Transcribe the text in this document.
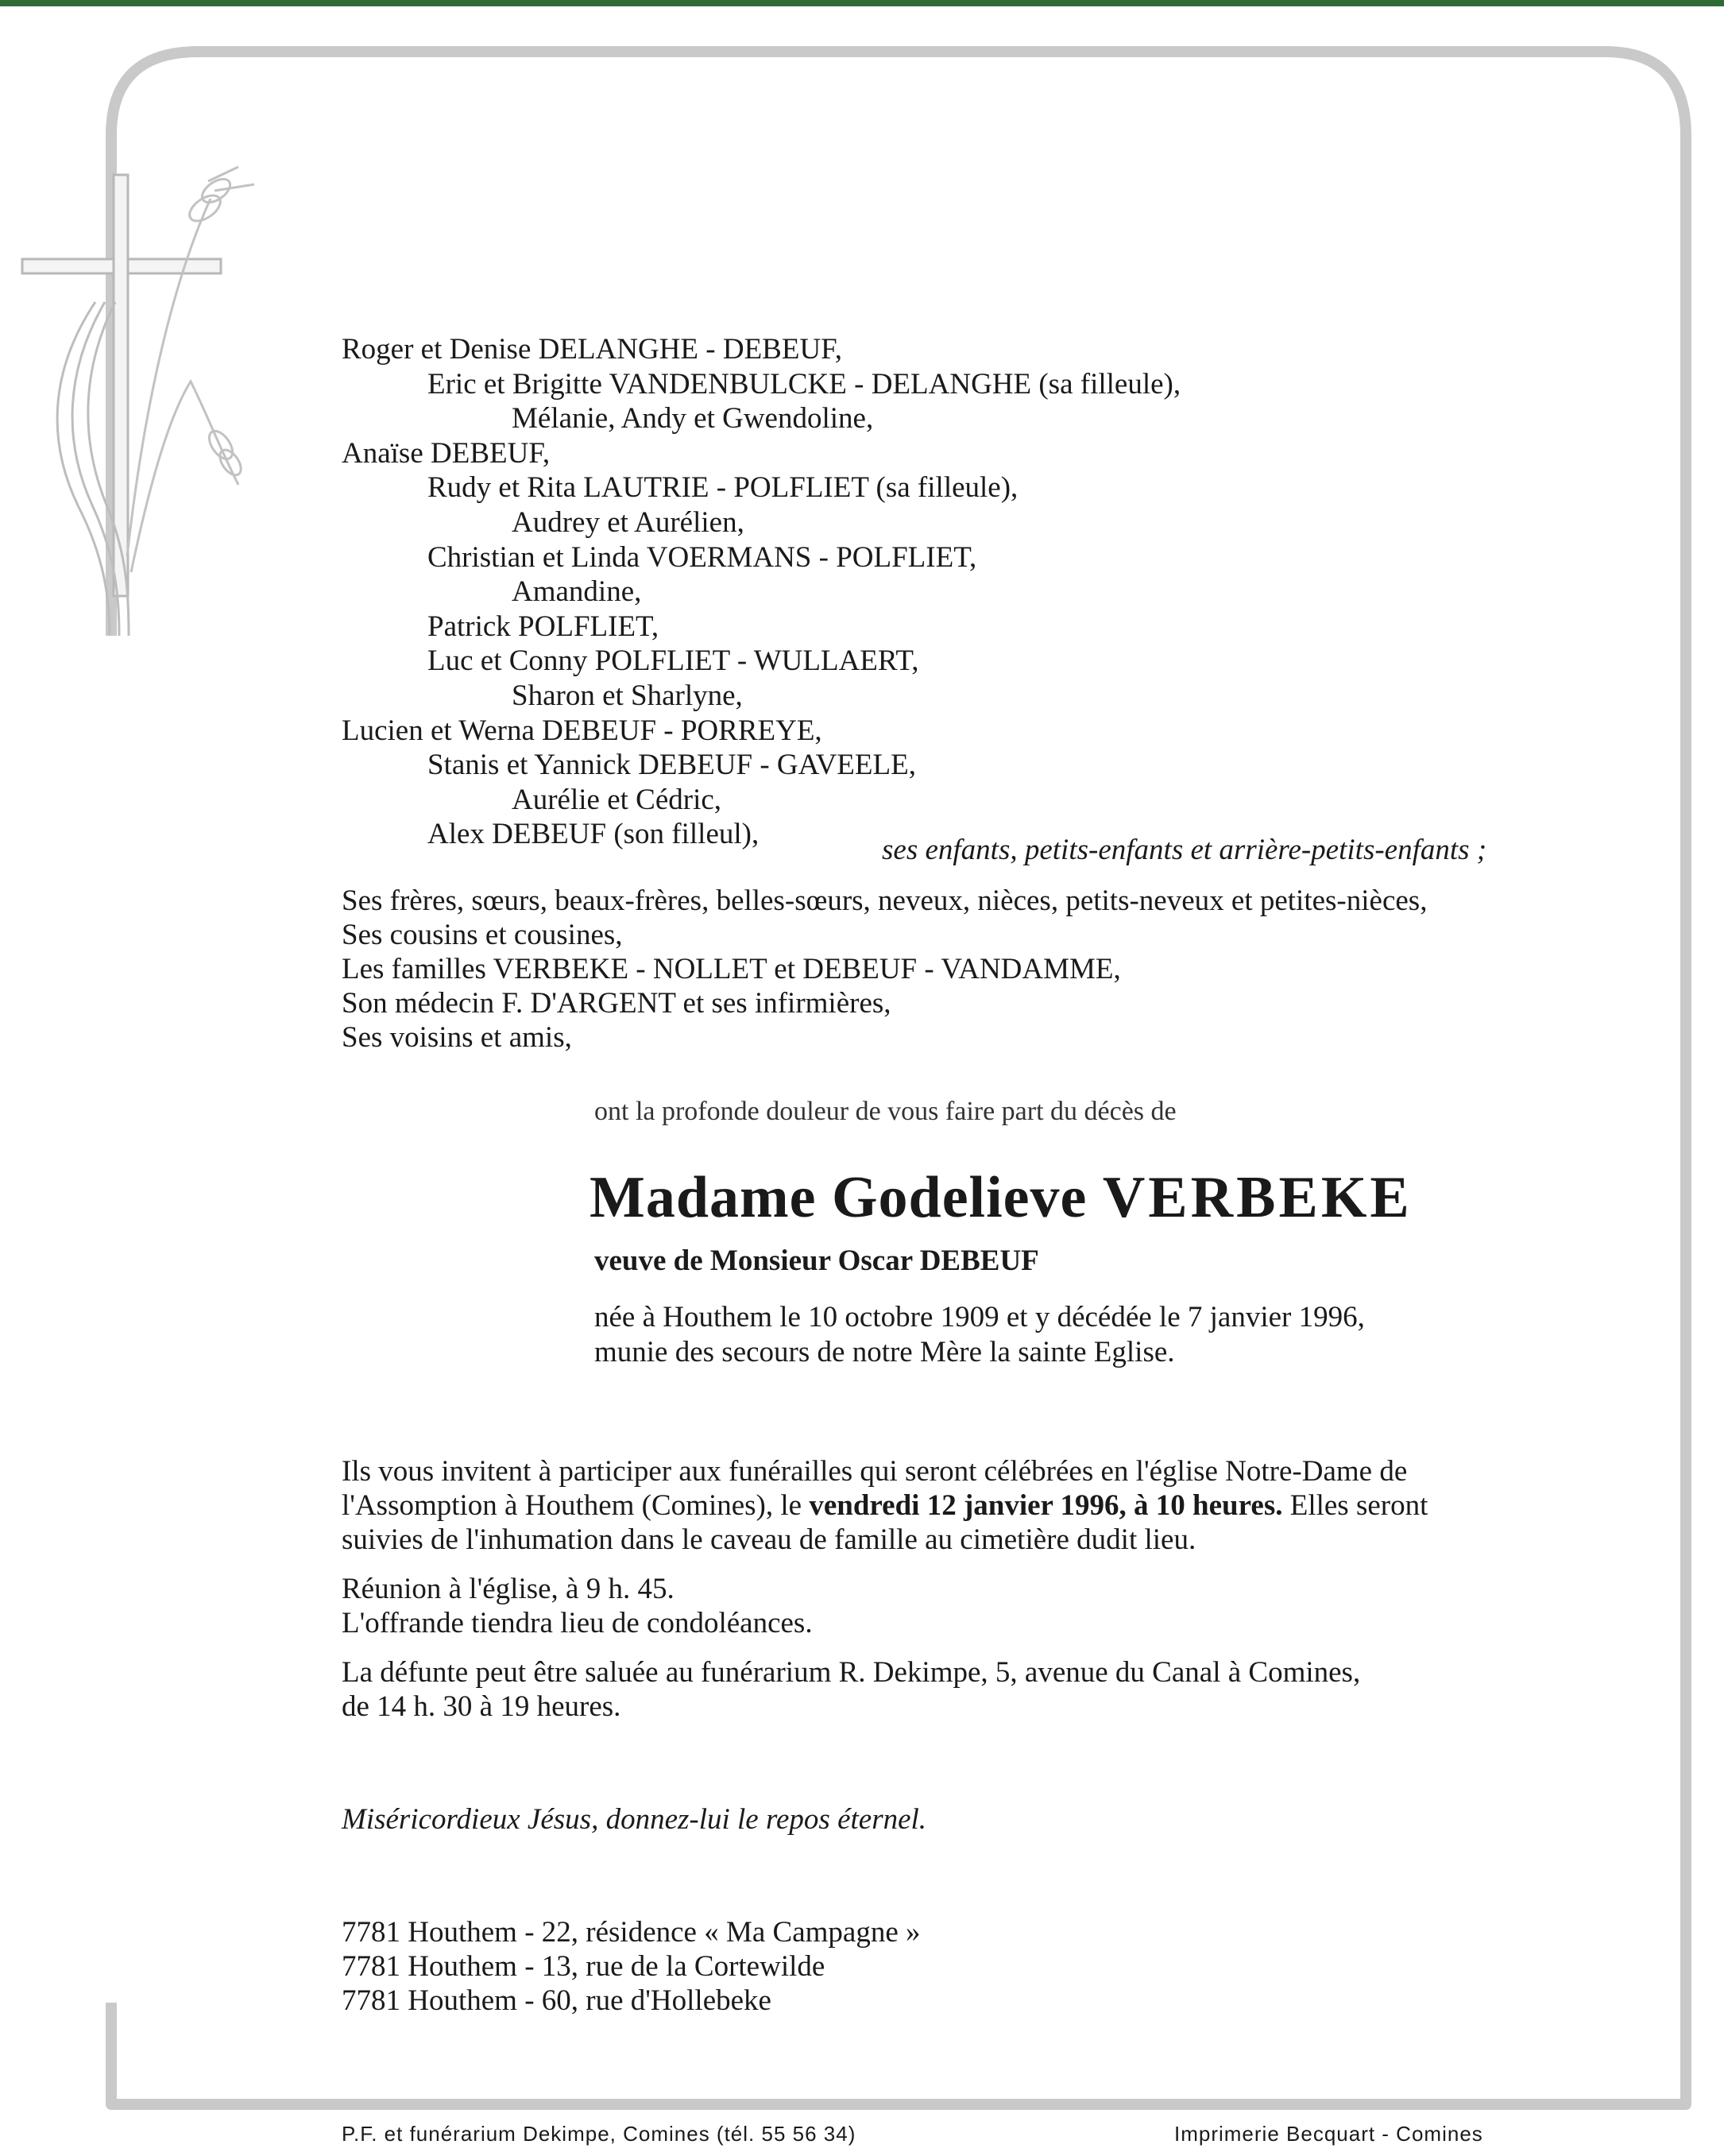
Roger et Denise DELANGHE - DEBEUF,
Eric et Brigitte VANDENBULCKE - DELANGHE (sa filleule),
Mélanie, Andy et Gwendoline,
Anaïse DEBEUF,
Rudy et Rita LAUTRIE - POLFLIET (sa filleule),
Audrey et Aurélien,
Christian et Linda VOERMANS - POLFLIET,
Amandine,
Patrick POLFLIET,
Luc et Conny POLFLIET - WULLAERT,
Sharon et Sharlyne,
Lucien et Werna DEBEUF - PORREYE,
Stanis et Yannick DEBEUF - GAVEELE,
Aurélie et Cédric,
Alex DEBEUF (son filleul),	ses enfants, petits-enfants et arrière-petits-enfants ;
Ses frères, sœurs, beaux-frères, belles-sœurs, neveux, nièces, petits-neveux et petites-nièces,
Ses cousins et cousines,
Les familles VERBEKE - NOLLET et DEBEUF - VANDAMME,
Son médecin F. D'ARGENT et ses infirmières,
Ses voisins et amis,
ont la profonde douleur de vous faire part du décès de
Madame Godelieve VERBEKE
veuve de Monsieur Oscar DEBEUF
née à Houthem le 10 octobre 1909 et y décédée le 7 janvier 1996,
munie des secours de notre Mère la sainte Eglise.
Ils vous invitent à participer aux funérailles qui seront célébrées en l'église Notre-Dame de
l'Assomption à Houthem (Comines), le vendredi 12 janvier 1996, à 10 heures. Elles seront
suivies de l'inhumation dans le caveau de famille au cimetière dudit lieu.
Réunion à l'église, à 9 h. 45.
L'offrande tiendra lieu de condoléances.
La défunte peut être saluée au funérarium R. Dekimpe, 5, avenue du Canal à Comines,
de 14 h. 30 à 19 heures.
Miséricordieux Jésus, donnez-lui le repos éternel.
7781 Houthem - 22, résidence « Ma Campagne »
7781 Houthem - 13, rue de la Cortewilde
7781 Houthem - 60, rue d'Hollebeke
P.F. et funérarium Dekimpe, Comines (tél. 55 56 34)	Imprimerie Becquart - Comines
